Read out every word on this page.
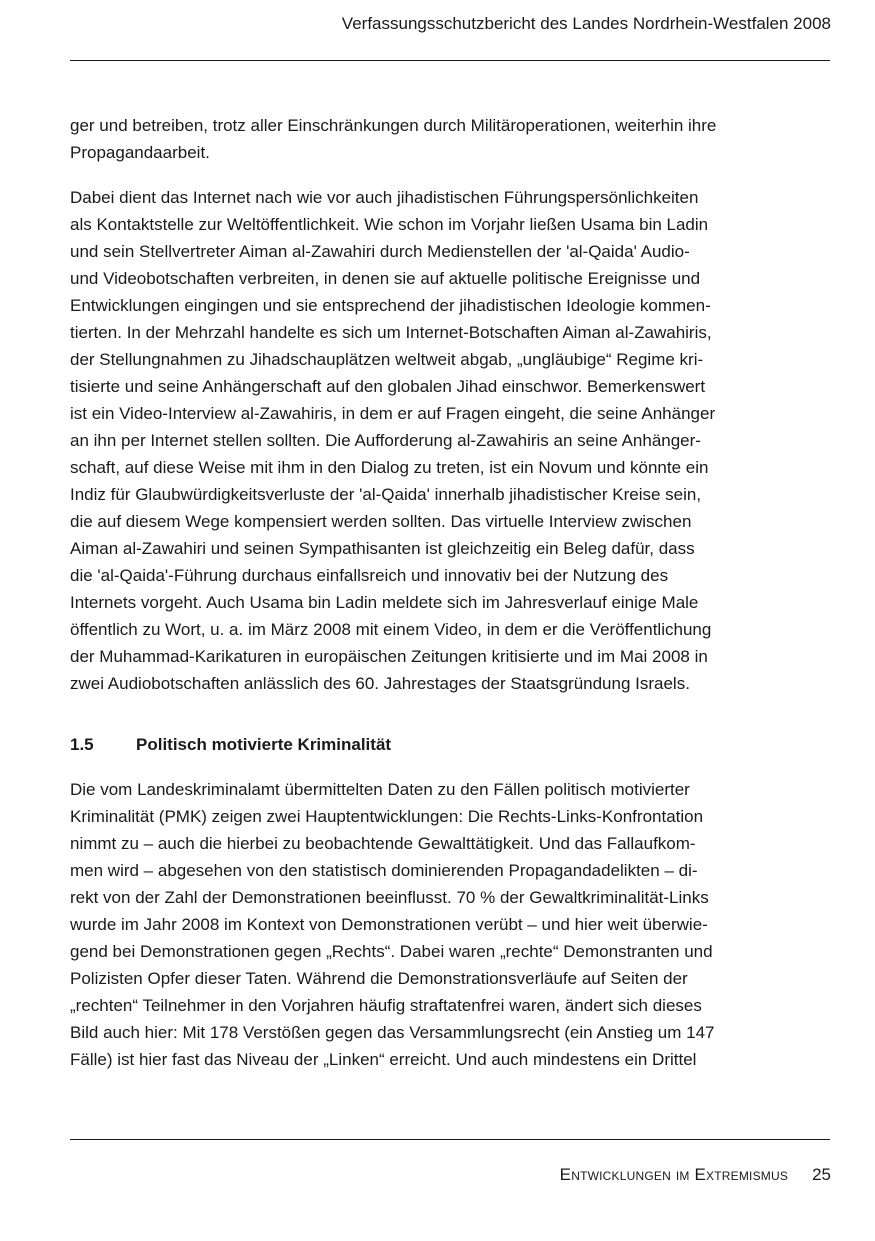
Verfassungsschutzbericht des Landes Nordrhein-Westfalen 2008
ger und betreiben, trotz aller Einschränkungen durch Militäroperationen, weiterhin ihre
Propagandaarbeit.
Dabei dient das Internet nach wie vor auch jihadistischen Führungspersönlichkeiten
als Kontaktstelle zur Weltöffentlichkeit. Wie schon im Vorjahr ließen Usama bin Ladin
und sein Stellvertreter Aiman al-Zawahiri durch Medienstellen der 'al-Qaida' Audio-
und Videobotschaften verbreiten, in denen sie auf aktuelle politische Ereignisse und
Entwicklungen eingingen und sie entsprechend der jihadistischen Ideologie kommen-
tierten. In der Mehrzahl handelte es sich um Internet-Botschaften Aiman al-Zawahiris,
der Stellungnahmen zu Jihadschauplätzen weltweit abgab, „ungläubige“ Regime kri-
tisierte und seine Anhängerschaft auf den globalen Jihad einschwor. Bemerkenswert
ist ein Video-Interview al-Zawahiris, in dem er auf Fragen eingeht, die seine Anhänger
an ihn per Internet stellen sollten. Die Aufforderung al-Zawahiris an seine Anhänger-
schaft, auf diese Weise mit ihm in den Dialog zu treten, ist ein Novum und könnte ein
Indiz für Glaubwürdigkeitsverluste der 'al-Qaida' innerhalb jihadistischer Kreise sein,
die auf diesem Wege kompensiert werden sollten. Das virtuelle Interview zwischen
Aiman al-Zawahiri und seinen Sympathisanten ist gleichzeitig ein Beleg dafür, dass
die 'al-Qaida'-Führung durchaus einfallsreich und innovativ bei der Nutzung des
Internets vorgeht. Auch Usama bin Ladin meldete sich im Jahresverlauf einige Male
öffentlich zu Wort, u. a. im März 2008 mit einem Video, in dem er die Veröffentlichung
der Muhammad-Karikaturen in europäischen Zeitungen kritisierte und im Mai 2008 in
zwei Audiobotschaften anlässlich des 60. Jahrestages der Staatsgründung Israels.
1.5 Politisch motivierte Kriminalität
Die vom Landeskriminalamt übermittelten Daten zu den Fällen politisch motivierter
Kriminalität (PMK) zeigen zwei Hauptentwicklungen: Die Rechts-Links-Konfrontation
nimmt zu – auch die hierbei zu beobachtende Gewalttätigkeit. Und das Fallaufkom-
men wird – abgesehen von den statistisch dominierenden Propagandadelikten – di-
rekt von der Zahl der Demonstrationen beeinflusst. 70 % der Gewaltkriminalität-Links
wurde im Jahr 2008 im Kontext von Demonstrationen verübt – und hier weit überwie-
gend bei Demonstrationen gegen „Rechts“. Dabei waren „rechte“ Demonstranten und
Polizisten Opfer dieser Taten. Während die Demonstrationsverläufe auf Seiten der
„rechten“ Teilnehmer in den Vorjahren häufig straftatenfrei waren, ändert sich dieses
Bild auch hier: Mit 178 Verstößen gegen das Versammlungsrecht (ein Anstieg um 147
Fälle) ist hier fast das Niveau der „Linken“ erreicht. Und auch mindestens ein Drittel
Entwicklungen im Extremismus 25
